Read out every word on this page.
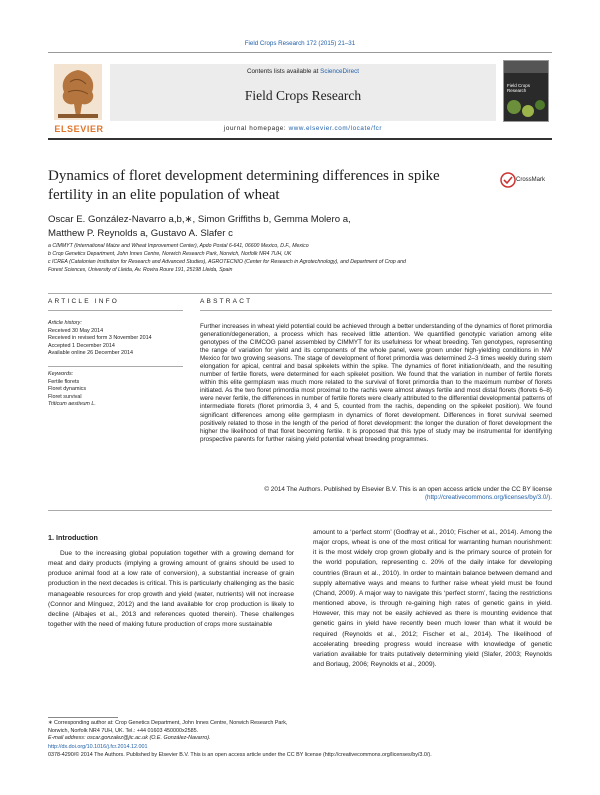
Field Crops Research 172 (2015) 21–31
ELSEVIER
Contents lists available at ScienceDirect
Field Crops Research
journal homepage: www.elsevier.com/locate/fcr
Field Crops Research
Dynamics of floret development determining differences in spike fertility in an elite population of wheat
CrossMark
Oscar E. González-Navarro a,b,∗, Simon Griffiths b, Gemma Molero a,
Matthew P. Reynolds a, Gustavo A. Slafer c
a CIMMYT (International Maize and Wheat Improvement Center), Apdo Postal 6-641, 06600 Mexico, D.F., Mexico
b Crop Genetics Department, John Innes Centre, Norwich Research Park, Norwich, Norfolk NR4 7UH, UK
c ICREA (Catalonian Institution for Research and Advanced Studies), AGROTECNIO (Center for Research in Agrotechnology), and Department of Crop and
Forest Sciences, University of Lleida, Av. Rovira Roure 191, 25198 Lleida, Spain
ARTICLE INFO	ABSTRACT
Article history:
Received 30 May 2014
Received in revised form 3 November 2014
Accepted 1 December 2014
Available online 26 December 2014
Keywords:
Fertile florets
Floret dynamics
Floret survival
Triticum aestivum L.
Further increases in wheat yield potential could be achieved through a better understanding of the dynamics of floret primordia generation/degeneration, a process which has received little attention. We quantified genotypic variation among elite genotypes of the CIMCOG panel assembled by CIMMYT for its usefulness for wheat breeding. Ten genotypes, representing the range of variation for yield and its components of the whole panel, were grown under high-yielding conditions in NW Mexico for two growing seasons. The stage of development of floret primordia was determined 2–3 times weekly during stem elongation for apical, central and basal spikelets within the spike. The dynamics of floret initiation/death, and the resulting number of fertile florets, were determined for each spikelet position. We found that the variation in number of fertile florets within this elite germplasm was much more related to the survival of floret primordia than to the maximum number of florets initiated. As the two floret primordia most proximal to the rachis were almost always fertile and most distal florets (florets 6–8) were never fertile, the differences in number of fertile florets were clearly attributed to the differential developmental patterns of intermediate florets (floret primordia 3, 4 and 5, counted from the rachis, depending on the spikelet position). We found significant differences among elite germplasm in dynamics of floret development. Differences in floret survival seemed positively related to those in the length of the period of floret development: the longer the duration of floret development the higher the likelihood of that floret becoming fertile. It is proposed that this type of study may be instrumental for identifying prospective parents for further raising yield potential wheat breeding programmes.
© 2014 The Authors. Published by Elsevier B.V. This is an open access article under the CC BY license
(http://creativecommons.org/licenses/by/3.0/).
1. Introduction
Due to the increasing global population together with a growing demand for meat and dairy products (implying a growing amount of grains should be used to produce animal food at a low rate of conversion), a substantial increase of grain production in the next decades is critical. This is particularly challenging as the basic manageable resources for crop growth and yield (water, nutrients) will not increase (Connor and Mínguez, 2012) and the land available for crop production is likely to decline (Albajes et al., 2013 and references quoted therein). These challenges together with the need of making future production of crops more sustainable
amount to a ‘perfect storm’ (Godfray et al., 2010; Fischer et al., 2014). Among the major crops, wheat is one of the most critical for warranting human nourishment: it is the most widely crop grown globally and is the primary source of protein for the world population, representing c. 20% of the daily intake for developing countries (Braun et al., 2010). In order to maintain balance between demand and supply alternative ways and means to further raise wheat yield must be found (Chand, 2009). A major way to navigate this ‘perfect storm’, facing the restrictions mentioned above, is through re-gaining high rates of genetic gains in yield. However, this may not be easily achieved as there is mounting evidence that genetic gains in yield have recently been much lower than what it would be required (Reynolds et al., 2012; Fischer et al., 2014). The likelihood of accelerating breeding progress would increase with knowledge of genetic variation available for traits putatively determining yield (Slafer, 2003; Reynolds and Borlaug, 2006; Reynolds et al., 2009).
∗ Corresponding author at: Crop Genetics Department, John Innes Centre, Norwich Research Park, Norwich, Norfolk NR4 7UH, UK. Tel.: +44 01603 450000x2585.
E-mail address: oscar.gonzalez@jic.ac.uk (O.E. González-Navarro).
http://dx.doi.org/10.1016/j.fcr.2014.12.001
0378-4290/© 2014 The Authors. Published by Elsevier B.V. This is an open access article under the CC BY license (http://creativecommons.org/licenses/by/3.0/).
